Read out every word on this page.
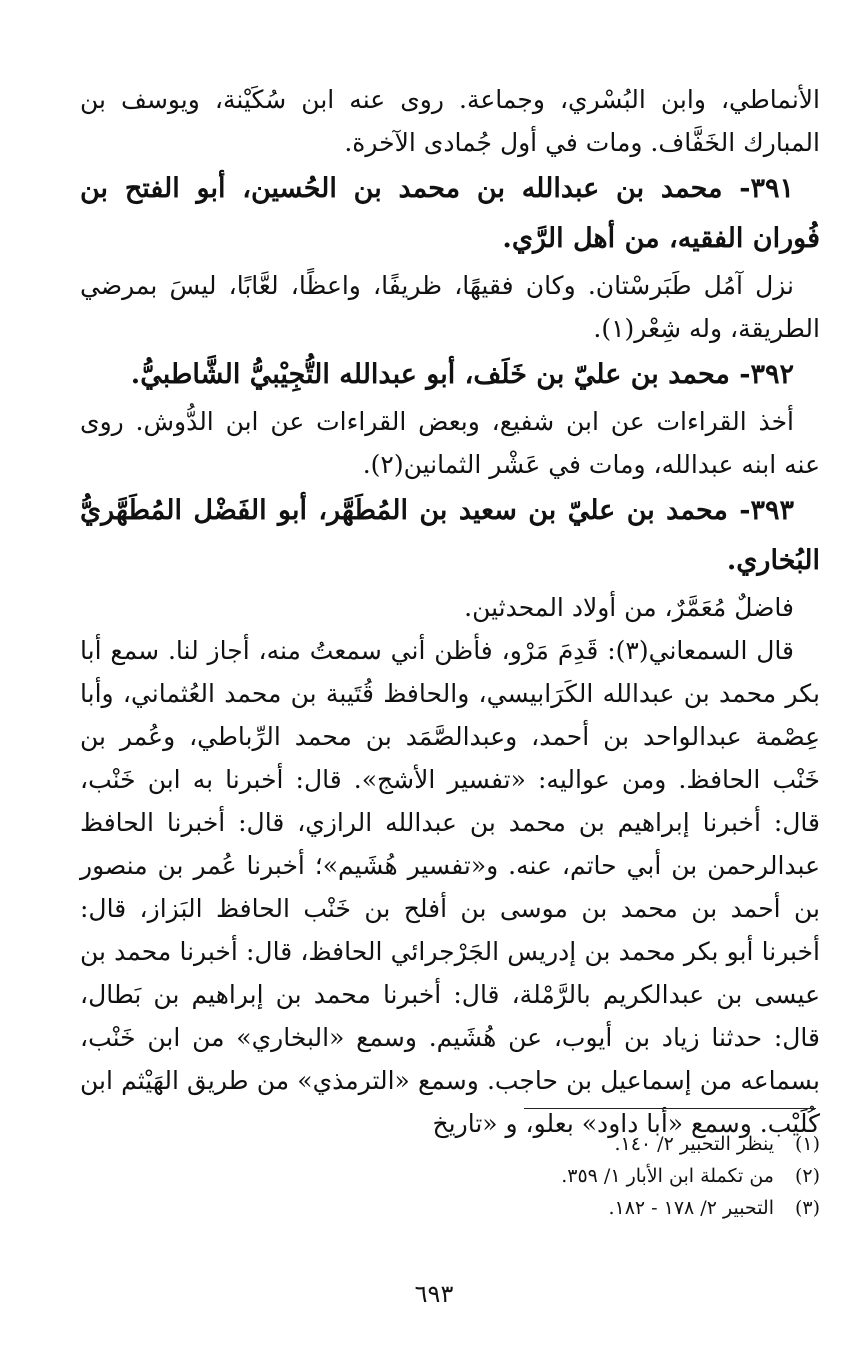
الأنماطي، وابن البُسْري، وجماعة. روى عنه ابن سُكَيْنة، ويوسف بن المبارك الخَفَّاف. ومات في أول جُمادى الآخرة.

٣٩١- محمد بن عبدالله بن محمد بن الحُسين، أبو الفتح بن فُوران الفقيه، من أهل الرَّي.

نزل آمُل طَبَرسْتان. وكان فقيهًا، ظريفًا، واعظًا، لعَّابًا، ليسَ بمرضي الطريقة، وله شِعْر(١).

٣٩٢- محمد بن عليّ بن خَلَف، أبو عبدالله التُّجِيْبيُّ الشَّاطبيُّ.

أخذ القراءات عن ابن شفيع، وبعض القراءات عن ابن الدُّوش. روى عنه ابنه عبدالله، ومات في عَشْر الثمانين(٢).

٣٩٣- محمد بن عليّ بن سعيد بن المُطَهَّر، أبو الفَضْل المُطَهَّريُّ البُخاري.

فاضلٌ مُعَمَّرٌ، من أولاد المحدثين.

قال السمعاني(٣): قَدِمَ مَرْو، فأظن أني سمعتُ منه، أجاز لنا. سمع أبا بكر محمد بن عبدالله الكَرَابيسي، والحافظ قُتَيبة بن محمد العُثماني، وأبا عِصْمة عبدالواحد بن أحمد، وعبدالصَّمَد بن محمد الرِّباطي، وعُمر بن خَنْب الحافظ. ومن عواليه: «تفسير الأشج». قال: أخبرنا به ابن خَنْب، قال: أخبرنا إبراهيم بن محمد بن عبدالله الرازي، قال: أخبرنا الحافظ عبدالرحمن بن أبي حاتم، عنه. و«تفسير هُشَيم»؛ أخبرنا عُمر بن منصور بن أحمد بن محمد بن موسى بن أفلح بن خَنْب الحافظ البَزاز، قال: أخبرنا أبو بكر محمد بن إدريس الجَرْجرائي الحافظ، قال: أخبرنا محمد بن عيسى بن عبدالكريم بالرَّمْلة، قال: أخبرنا محمد بن إبراهيم بن بَطال، قال: حدثنا زياد بن أيوب، عن هُشَيم. وسمع «البخاري» من ابن خَنْب، بسماعه من إسماعيل بن حاجب. وسمع «الترمذي» من طريق الهَيْثم ابن كُلَيْب. وسمع «أبا داود» بعلو، و «تاريخ

(١)
ينظر التحبير ٢/ ١٤٠.

(٢)
من تكملة ابن الأبار ١/ ٣٥٩.

(٣)
التحبير ٢/ ١٧٨ - ١٨٢.

٦٩٣
